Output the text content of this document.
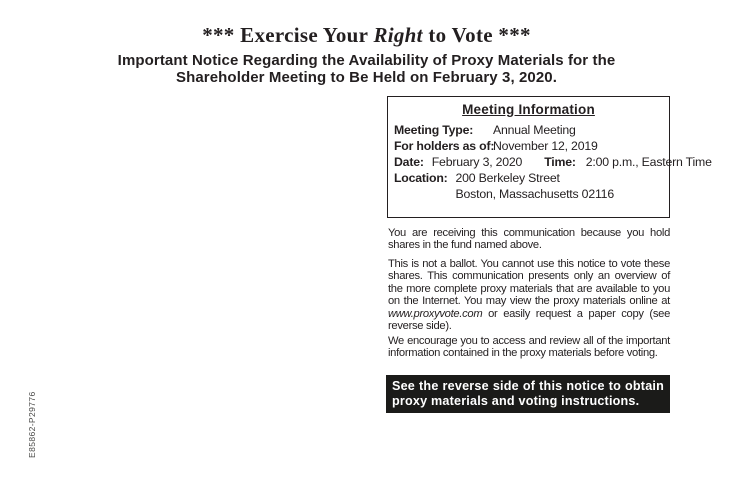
*** Exercise Your Right to Vote ***
Important Notice Regarding the Availability of Proxy Materials for the
Shareholder Meeting to Be Held on February 3, 2020.
Meeting Information
Meeting Type: Annual Meeting
For holders as of:November 12, 2019
Date: February 3, 2020 Time: 2:00 p.m., Eastern Time
Location: 200 Berkeley Street
Boston, Massachusetts 02116

You are receiving this communication because you hold shares in the fund named above.

This is not a ballot. You cannot use this notice to vote these shares. This communication presents only an overview of the more complete proxy materials that are available to you on the Internet. You may view the proxy materials online at www.proxyvote.com or easily request a paper copy (see reverse side).

We encourage you to access and review all of the important information contained in the proxy materials before voting.

See the reverse side of this notice to obtain proxy materials and voting instructions.
E85862-P29776
